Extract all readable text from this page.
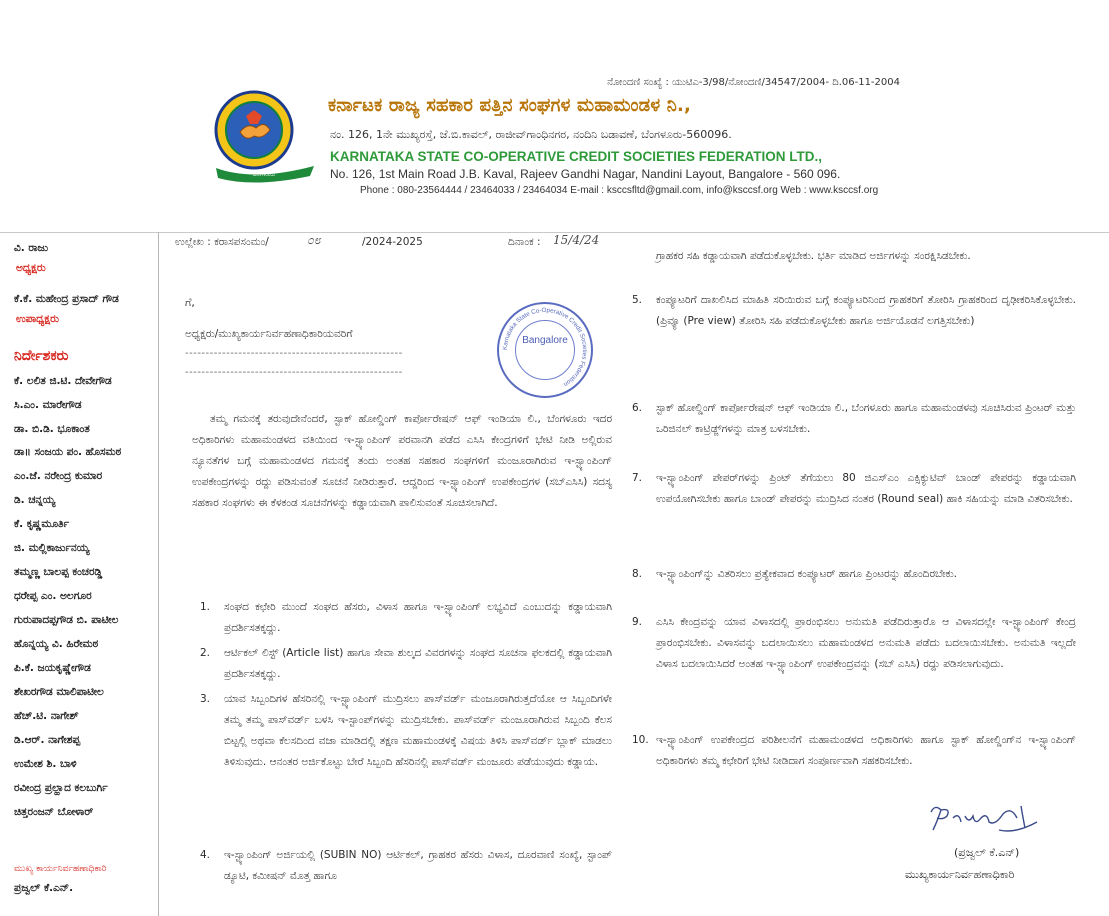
ನೋಂದಣಿ ಸಂಖ್ಯೆ : ಯುಟಿಎ-3/98/ನೋಂದಣಿ/34547/2004- ದಿ.06-11-2004
ಬೆಂಗಳೂರು
ಕರ್ನಾಟಕ ರಾಜ್ಯ ಸಹಕಾರ ಪತ್ತಿನ ಸಂಘಗಳ ಮಹಾಮಂಡಳ ನಿ.,
ನಂ. 126, 1ನೇ ಮುಖ್ಯರಸ್ತೆ, ಜೆ.ಬಿ.ಕಾವಲ್, ರಾಜೀವ್‌ಗಾಂಧಿನಗರ, ನಂದಿನಿ ಬಡಾವಣೆ, ಬೆಂಗಳೂರು-560096.
KARNATAKA STATE CO-OPERATIVE CREDIT SOCIETIES FEDERATION LTD.,
No. 126, 1st Main Road J.B. Kaval, Rajeev Gandhi Nagar, Nandini Layout, Bangalore - 560 096.
Phone : 080-23564444 / 23464033 / 23464034 E-mail : ksccsfltd@gmail.com, info@ksccsf.org Web : www.ksccsf.org
ವಿ. ರಾಜು
ಅಧ್ಯಕ್ಷರು
ಕೆ.ಕೆ. ಮಹೇಂದ್ರ ಪ್ರಸಾದ್ ಗೌಡ
ಉಪಾಧ್ಯಕ್ಷರು
ನಿರ್ದೇಶಕರು
ಕೆ. ಲಲಿತ ಜಿ.ಟಿ. ದೇವೇಗೌಡ
ಸಿ.ಎಂ. ಮಾರೇಗೌಡ
ಡಾ. ಬಿ.ಡಿ. ಭೂಕಾಂತ
ಡಾ॥ ಸಂಜಯ ಪಂ. ಹೊಸಮಠ
ಎಂ.ಜೆ. ನರೇಂದ್ರ ಕುಮಾರ
ಡಿ. ಚನ್ನಯ್ಯ
ಕೆ. ಕೃಷ್ಣಮೂರ್ತಿ
ಜಿ. ಮಲ್ಲಿಕಾರ್ಜುನಯ್ಯ
ತಮ್ಮಣ್ಣ ಬಾಲಪ್ಪ ಕಂಚರಡ್ಡಿ
ಧರೇಪ್ಪ ಎಂ. ಅಲಗೂರ
ಗುರುಪಾದಪ್ಪಗೌಡ ಬಿ. ಪಾಟೀಲ
ಹೊನ್ನಯ್ಯ ವಿ. ಹಿರೇಮಠ
ಪಿ.ಕೆ. ಜಯಕೃಷ್ಣೇಗೌಡ
ಶೇಖರಗೌಡ ಮಾಲಿಪಾಟೀಲ
ಹೆಚ್.ಟಿ. ನಾಗೇಶ್
ಡಿ.ಆರ್. ನಾಗೇಶಪ್ಪ
ಉಮೇಶ ಶಿ. ಬಾಳಿ
ರವೀಂದ್ರ ಪ್ರಲ್ಹಾದ ಕಲಬುರ್ಗಿ
ಚಿತ್ತರಂಜನ್ ಬೋಳಾರ್
ಮುಖ್ಯ ಕಾರ್ಯನಿರ್ವಹಣಾಧಿಕಾರಿ
ಪ್ರಜ್ವಲ್ ಕೆ.ಎನ್.
ಉಲ್ಲೇಖ : ಕರಾಸಪಸಂಮಂ/	೦೮	/2024-2025	ದಿನಾಂಕ : 15/4/24
ಗೆ,
ಅಧ್ಯಕ್ಷರು/ಮುಖ್ಯಕಾರ್ಯನಿರ್ವಹಣಾಧಿಕಾರಿಯವರಿಗೆ
-----------------------------------------------------
-----------------------------------------------------
Karnataka State Co-Operative Credit Societies Federation
Bangalore
ತಮ್ಮ ಗಮನಕ್ಕೆ ತರುವುದೇನೆಂದರೆ, ಸ್ಟಾಕ್ ಹೋಲ್ಡಿಂಗ್ ಕಾರ್ಪೋರೇಷನ್ ಆಫ್ ಇಂಡಿಯಾ ಲಿ., ಬೆಂಗಳೂರು ಇದರ ಅಧಿಕಾರಿಗಳು ಮಹಾಮಂಡಳದ ವತಿಯಿಂದ ಇ-ಸ್ಟ್ಯಾಂಪಿಂಗ್ ಪರವಾನಗಿ ಪಡೆದ ಎಸಿಸಿ ಕೇಂದ್ರಗಳಿಗೆ ಭೇಟಿ ನೀಡಿ ಅಲ್ಲಿರುವ ನ್ಯೂನತೆಗಳ ಬಗ್ಗೆ ಮಹಾಮಂಡಳದ ಗಮನಕ್ಕೆ ತಂದು ಅಂತಹ ಸಹಕಾರ ಸಂಘಗಳಿಗೆ ಮಂಜೂರಾಗಿರುವ ಇ-ಸ್ಟ್ಯಾಂಪಿಂಗ್ ಉಪಕೇಂದ್ರಗಳನ್ನು ರದ್ದು ಪಡಿಸುವಂತೆ ಸೂಚನೆ ನೀಡಿರುತ್ತಾರೆ. ಆದ್ದರಿಂದ ಇ-ಸ್ಟ್ಯಾಂಪಿಂಗ್ ಉಪಕೇಂದ್ರಗಳ (ಸಬ್‌ಎಸಿಸಿ) ಸದಸ್ಯ ಸಹಕಾರ ಸಂಘಗಳು ಈ ಕೆಳಕಂಡ ಸೂಚನೆಗಳನ್ನು ಕಡ್ಡಾಯವಾಗಿ ಪಾಲಿಸುವಂತೆ ಸೂಚಿಸಲಾಗಿದೆ.
1.	ಸಂಘದ ಕಛೇರಿ ಮುಂದೆ ಸಂಘದ ಹೆಸರು, ವಿಳಾಸ ಹಾಗೂ ಇ-ಸ್ಟ್ಯಾಂಪಿಂಗ್ ಲಭ್ಯವಿದೆ ಎಂಬುದನ್ನು ಕಡ್ಡಾಯವಾಗಿ ಪ್ರದರ್ಶಿಸತಕ್ಕದ್ದು.
2.	ಆರ್ಟಿಕಲ್ ಲಿಸ್ಟ್ (Article list) ಹಾಗೂ ಸೇವಾ ಶುಲ್ಕದ ವಿವರಗಳನ್ನು ಸಂಘದ ಸೂಚನಾ ಫಲಕದಲ್ಲಿ ಕಡ್ಡಾಯವಾಗಿ ಪ್ರದರ್ಶಿಸತಕ್ಕದ್ದು.
3.	ಯಾವ ಸಿಬ್ಬಂದಿಗಳ ಹೆಸರಿನಲ್ಲಿ ಇ-ಸ್ಟ್ಯಾಂಪಿಂಗ್ ಮುದ್ರಿಸಲು ಪಾಸ್‌ವರ್ಡ್ ಮಂಜೂರಾಗಿರುತ್ತದೆಯೋ ಆ ಸಿಬ್ಬಂದಿಗಳೇ ತಮ್ಮ ತಮ್ಮ ಪಾಸ್‌ವರ್ಡ್ ಬಳಸಿ ಇ-ಸ್ಟಾಂಪ್‌ಗಳನ್ನು ಮುದ್ರಿಸಬೇಕು. ಪಾಸ್‌ವರ್ಡ್ ಮಂಜೂರಾಗಿರುವ ಸಿಬ್ಬಂದಿ ಕೆಲಸ ಬಿಟ್ಟಲ್ಲಿ ಅಥವಾ ಕೆಲಸದಿಂದ ವಜಾ ಮಾಡಿದಲ್ಲಿ ತಕ್ಷಣ ಮಹಾಮಂಡಳಕ್ಕೆ ವಿಷಯ ತಿಳಿಸಿ ಪಾಸ್‌ವರ್ಡ್ ಬ್ಲಾಕ್ ಮಾಡಲು ತಿಳಿಸುವುದು. ಆನಂತರ ಅರ್ಜಿಕೊಟ್ಟು ಬೇರೆ ಸಿಬ್ಬಂದಿ ಹೆಸರಿನಲ್ಲಿ ಪಾಸ್‌ವರ್ಡ್ ಮಂಜೂರು ಪಡೆಯುವುದು ಕಡ್ಡಾಯ.
4.	ಇ-ಸ್ಟ್ಯಾಂಪಿಂಗ್ ಅರ್ಜಿಯಲ್ಲಿ (SUBIN NO) ಆರ್ಟಿಕಲ್, ಗ್ರಾಹಕರ ಹೆಸರು ವಿಳಾಸ, ದೂರವಾಣಿ ಸಂಖ್ಯೆ, ಸ್ಟಾಂಪ್ ಡ್ಯೂಟಿ, ಕಮೀಷನ್ ಮೊತ್ತ ಹಾಗೂ
ಗ್ರಾಹಕರ ಸಹಿ ಕಡ್ಡಾಯವಾಗಿ ಪಡೆದುಕೊಳ್ಳಬೇಕು. ಭರ್ತಿ ಮಾಡಿದ ಅರ್ಜಿಗಳನ್ನು ಸಂರಕ್ಷಿಸಿಡಬೇಕು.
5.	ಕಂಪ್ಯೂಟರಿಗೆ ದಾಖಲಿಸಿದ ಮಾಹಿತಿ ಸರಿಯಿರುವ ಬಗ್ಗೆ ಕಂಪ್ಯೂಟರಿನಿಂದ ಗ್ರಾಹಕರಿಗೆ ತೋರಿಸಿ ಗ್ರಾಹಕರಿಂದ ದೃಢೀಕರಿಸಿಕೊಳ್ಳಬೇಕು. (ಪ್ರಿವ್ಯೂ (Pre view) ತೋರಿಸಿ ಸಹಿ ಪಡೆದುಕೊಳ್ಳಬೇಕು ಹಾಗೂ ಅರ್ಜಿಯೊಡನೆ ಲಗತ್ತಿಸಬೇಕು)
6.	ಸ್ಟಾಕ್ ಹೋಲ್ಡಿಂಗ್ ಕಾರ್ಪೋರೇಷನ್ ಆಫ್ ಇಂಡಿಯಾ ಲಿ., ಬೆಂಗಳೂರು ಹಾಗೂ ಮಹಾಮಂಡಳವು ಸೂಚಿಸಿರುವ ಪ್ರಿಂಟರ್ ಮತ್ತು ಒರಿಜಿನಲ್ ಕಾಟ್ರಿಡ್ಜ್‌ಗಳನ್ನು ಮಾತ್ರ ಬಳಸಬೇಕು.
7.	ಇ-ಸ್ಟ್ಯಾಂಪಿಂಗ್ ಪೇಪರ್‌ಗಳನ್ನು ಪ್ರಿಂಟ್ ತೆಗೆಯಲು 80 ಜಿಎಸ್‌ಎಂ ಎಕ್ಸಿಕ್ಯುಟಿವ್ ಬಾಂಡ್ ಪೇಪರನ್ನು ಕಡ್ಡಾಯವಾಗಿ ಉಪಯೋಗಿಸಬೇಕು ಹಾಗೂ ಬಾಂಡ್ ಪೇಪರನ್ನು ಮುದ್ರಿಸಿದ ನಂತರ (Round seal) ಹಾಕಿ ಸಹಿಯನ್ನು ಮಾಡಿ ವಿತರಿಸಬೇಕು.
8.	ಇ-ಸ್ಟ್ಯಾಂಪಿಂಗ್‌ನ್ನು ವಿತರಿಸಲು ಪ್ರತ್ಯೇಕವಾದ ಕಂಪ್ಯೂಟರ್ ಹಾಗೂ ಪ್ರಿಂಟರನ್ನು ಹೊಂದಿರಬೇಕು.
9.	ಎಸಿಸಿ ಕೇಂದ್ರವನ್ನು ಯಾವ ವಿಳಾಸದಲ್ಲಿ ಪ್ರಾರಂಭಿಸಲು ಅನುಮತಿ ಪಡೆದಿರುತ್ತಾರೊ ಆ ವಿಳಾಸದಲ್ಲೇ ಇ-ಸ್ಟ್ಯಾಂಪಿಂಗ್ ಕೇಂದ್ರ ಪ್ರಾರಂಭಿಸಬೇಕು. ವಿಳಾಸವನ್ನು ಬದಲಾಯಿಸಲು ಮಹಾಮಂಡಳದ ಅನುಮತಿ ಪಡೆದು ಬದಲಾಯಿಸಬೇಕು. ಅನುಮತಿ ಇಲ್ಲದೇ ವಿಳಾಸ ಬದಲಾಯಿಸಿದರೆ ಅಂತಹ ಇ-ಸ್ಟ್ಯಾಂಪಿಂಗ್ ಉಪಕೇಂದ್ರವನ್ನು (ಸಬ್ ಎಸಿಸಿ) ರದ್ದು ಪಡಿಸಲಾಗುವುದು.
10. ಇ-ಸ್ಟ್ಯಾಂಪಿಂಗ್ ಉಪಕೇಂದ್ರದ ಪರಿಶೀಲನೆಗೆ ಮಹಾಮಂಡಳದ ಅಧಿಕಾರಿಗಳು ಹಾಗೂ ಸ್ಟಾಕ್ ಹೋಲ್ಡಿಂಗ್‌ನ ಇ-ಸ್ಟ್ಯಾಂಪಿಂಗ್ ಅಧಿಕಾರಿಗಳು ತಮ್ಮ ಕಛೇರಿಗೆ ಭೇಟಿ ನೀಡಿದಾಗ ಸಂಪೂರ್ಣವಾಗಿ ಸಹಕರಿಸಬೇಕು.
Prajwal
(ಪ್ರಜ್ವಲ್ ಕೆ.ಎನ್)
ಮುಖ್ಯಕಾರ್ಯನಿರ್ವಹಣಾಧಿಕಾರಿ
